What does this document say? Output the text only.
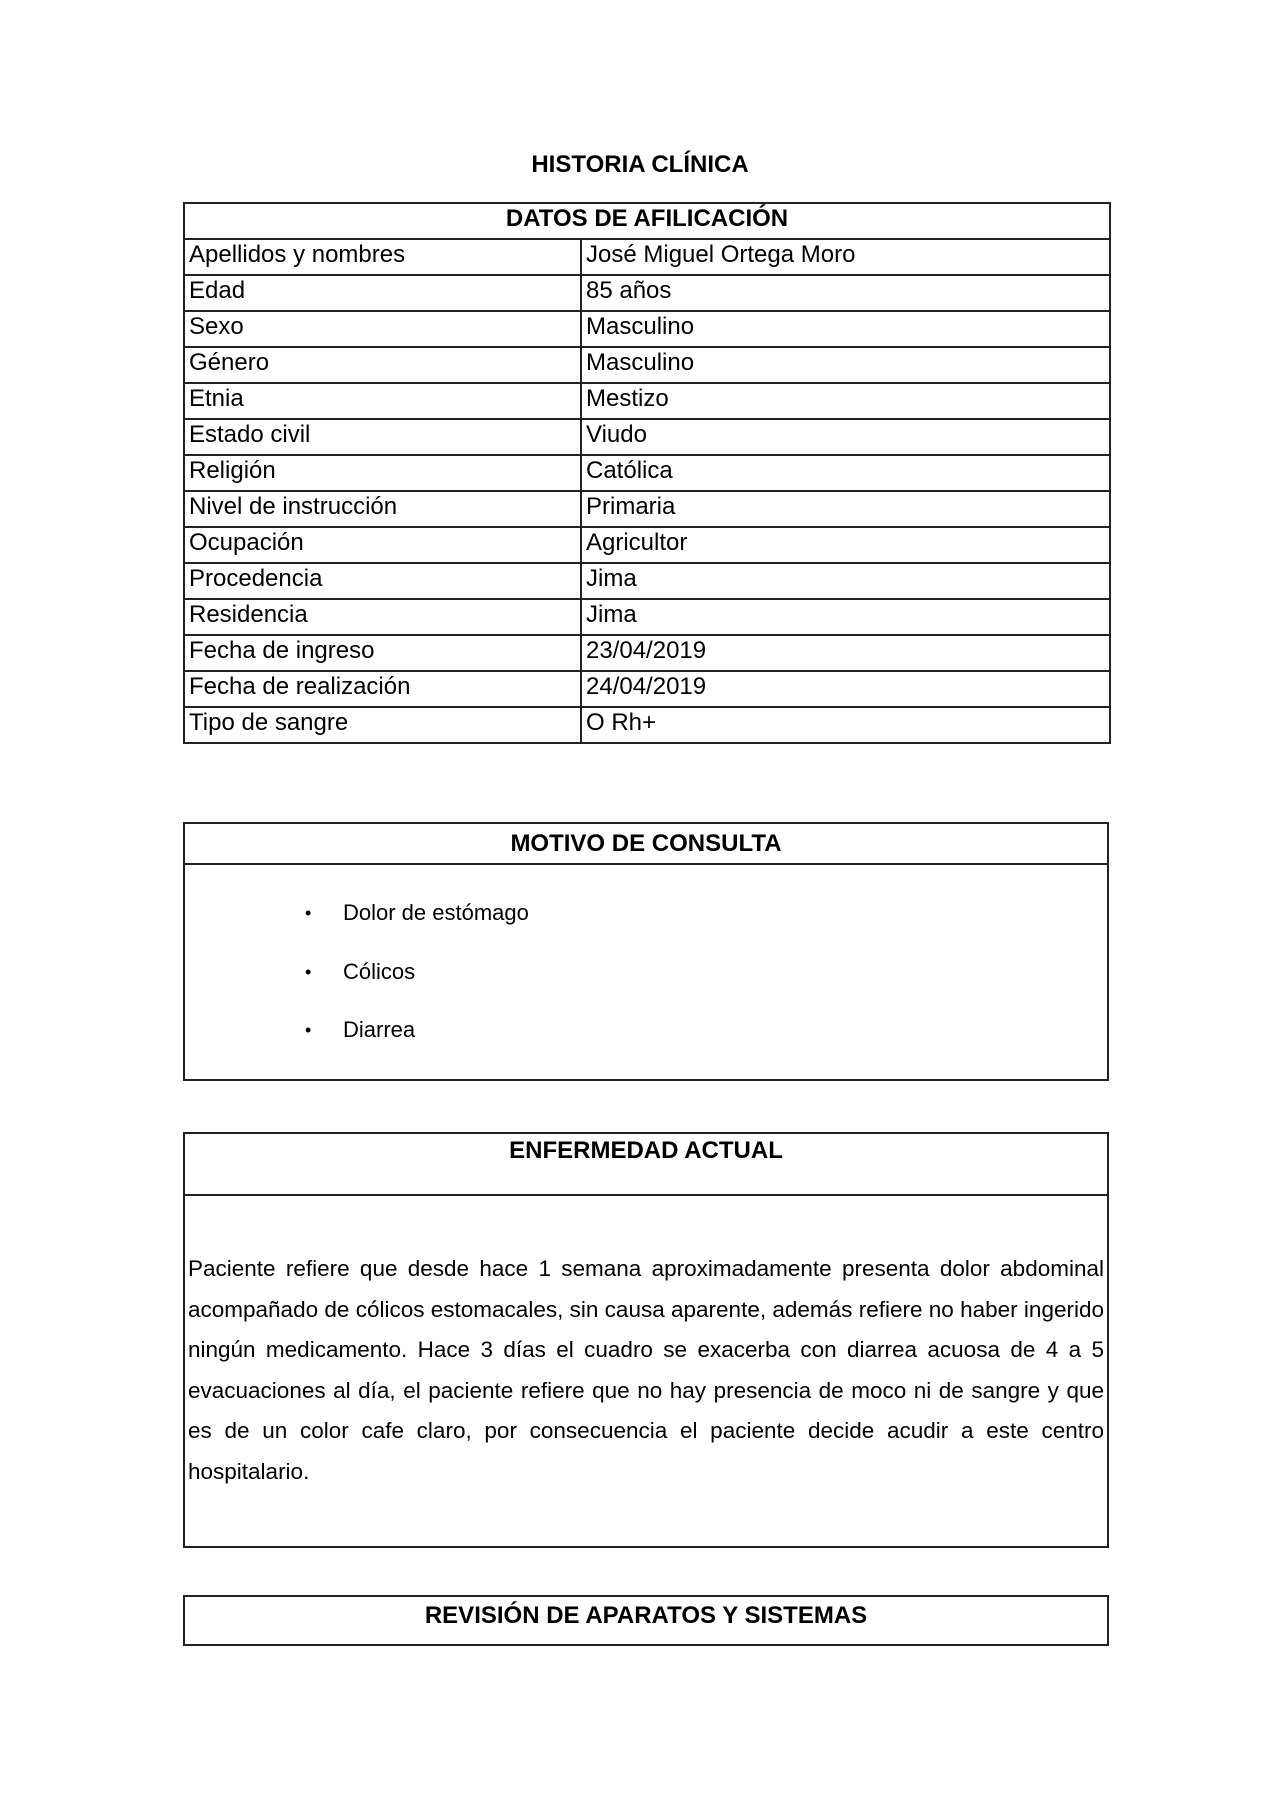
HISTORIA CLÍNICA
DATOS DE AFILICACIÓN	
Apellidos y nombres	José Miguel Ortega Moro
Edad	85 años
Sexo	Masculino
Género	Masculino
Etnia	Mestizo
Estado civil	Viudo
Religión	Católica
Nivel de instrucción	Primaria
Ocupación	Agricultor
Procedencia	Jima
Residencia	Jima
Fecha de ingreso	23/04/2019
Fecha de realización	24/04/2019
Tipo de sangre	O Rh+
MOTIVO DE CONSULTA
• Dolor de estómago
• Cólicos
• Diarrea
ENFERMEDAD ACTUAL
Paciente refiere que desde hace 1 semana aproximadamente presenta dolor abdominal acompañado de cólicos estomacales, sin causa aparente, además refiere no haber ingerido ningún medicamento. Hace 3 días el cuadro se exacerba con diarrea acuosa de 4 a 5 evacuaciones al día, el paciente refiere que no hay presencia de moco ni de sangre y que es de un color cafe claro, por consecuencia el paciente decide acudir a este centro hospitalario.
REVISIÓN DE APARATOS Y SISTEMAS
